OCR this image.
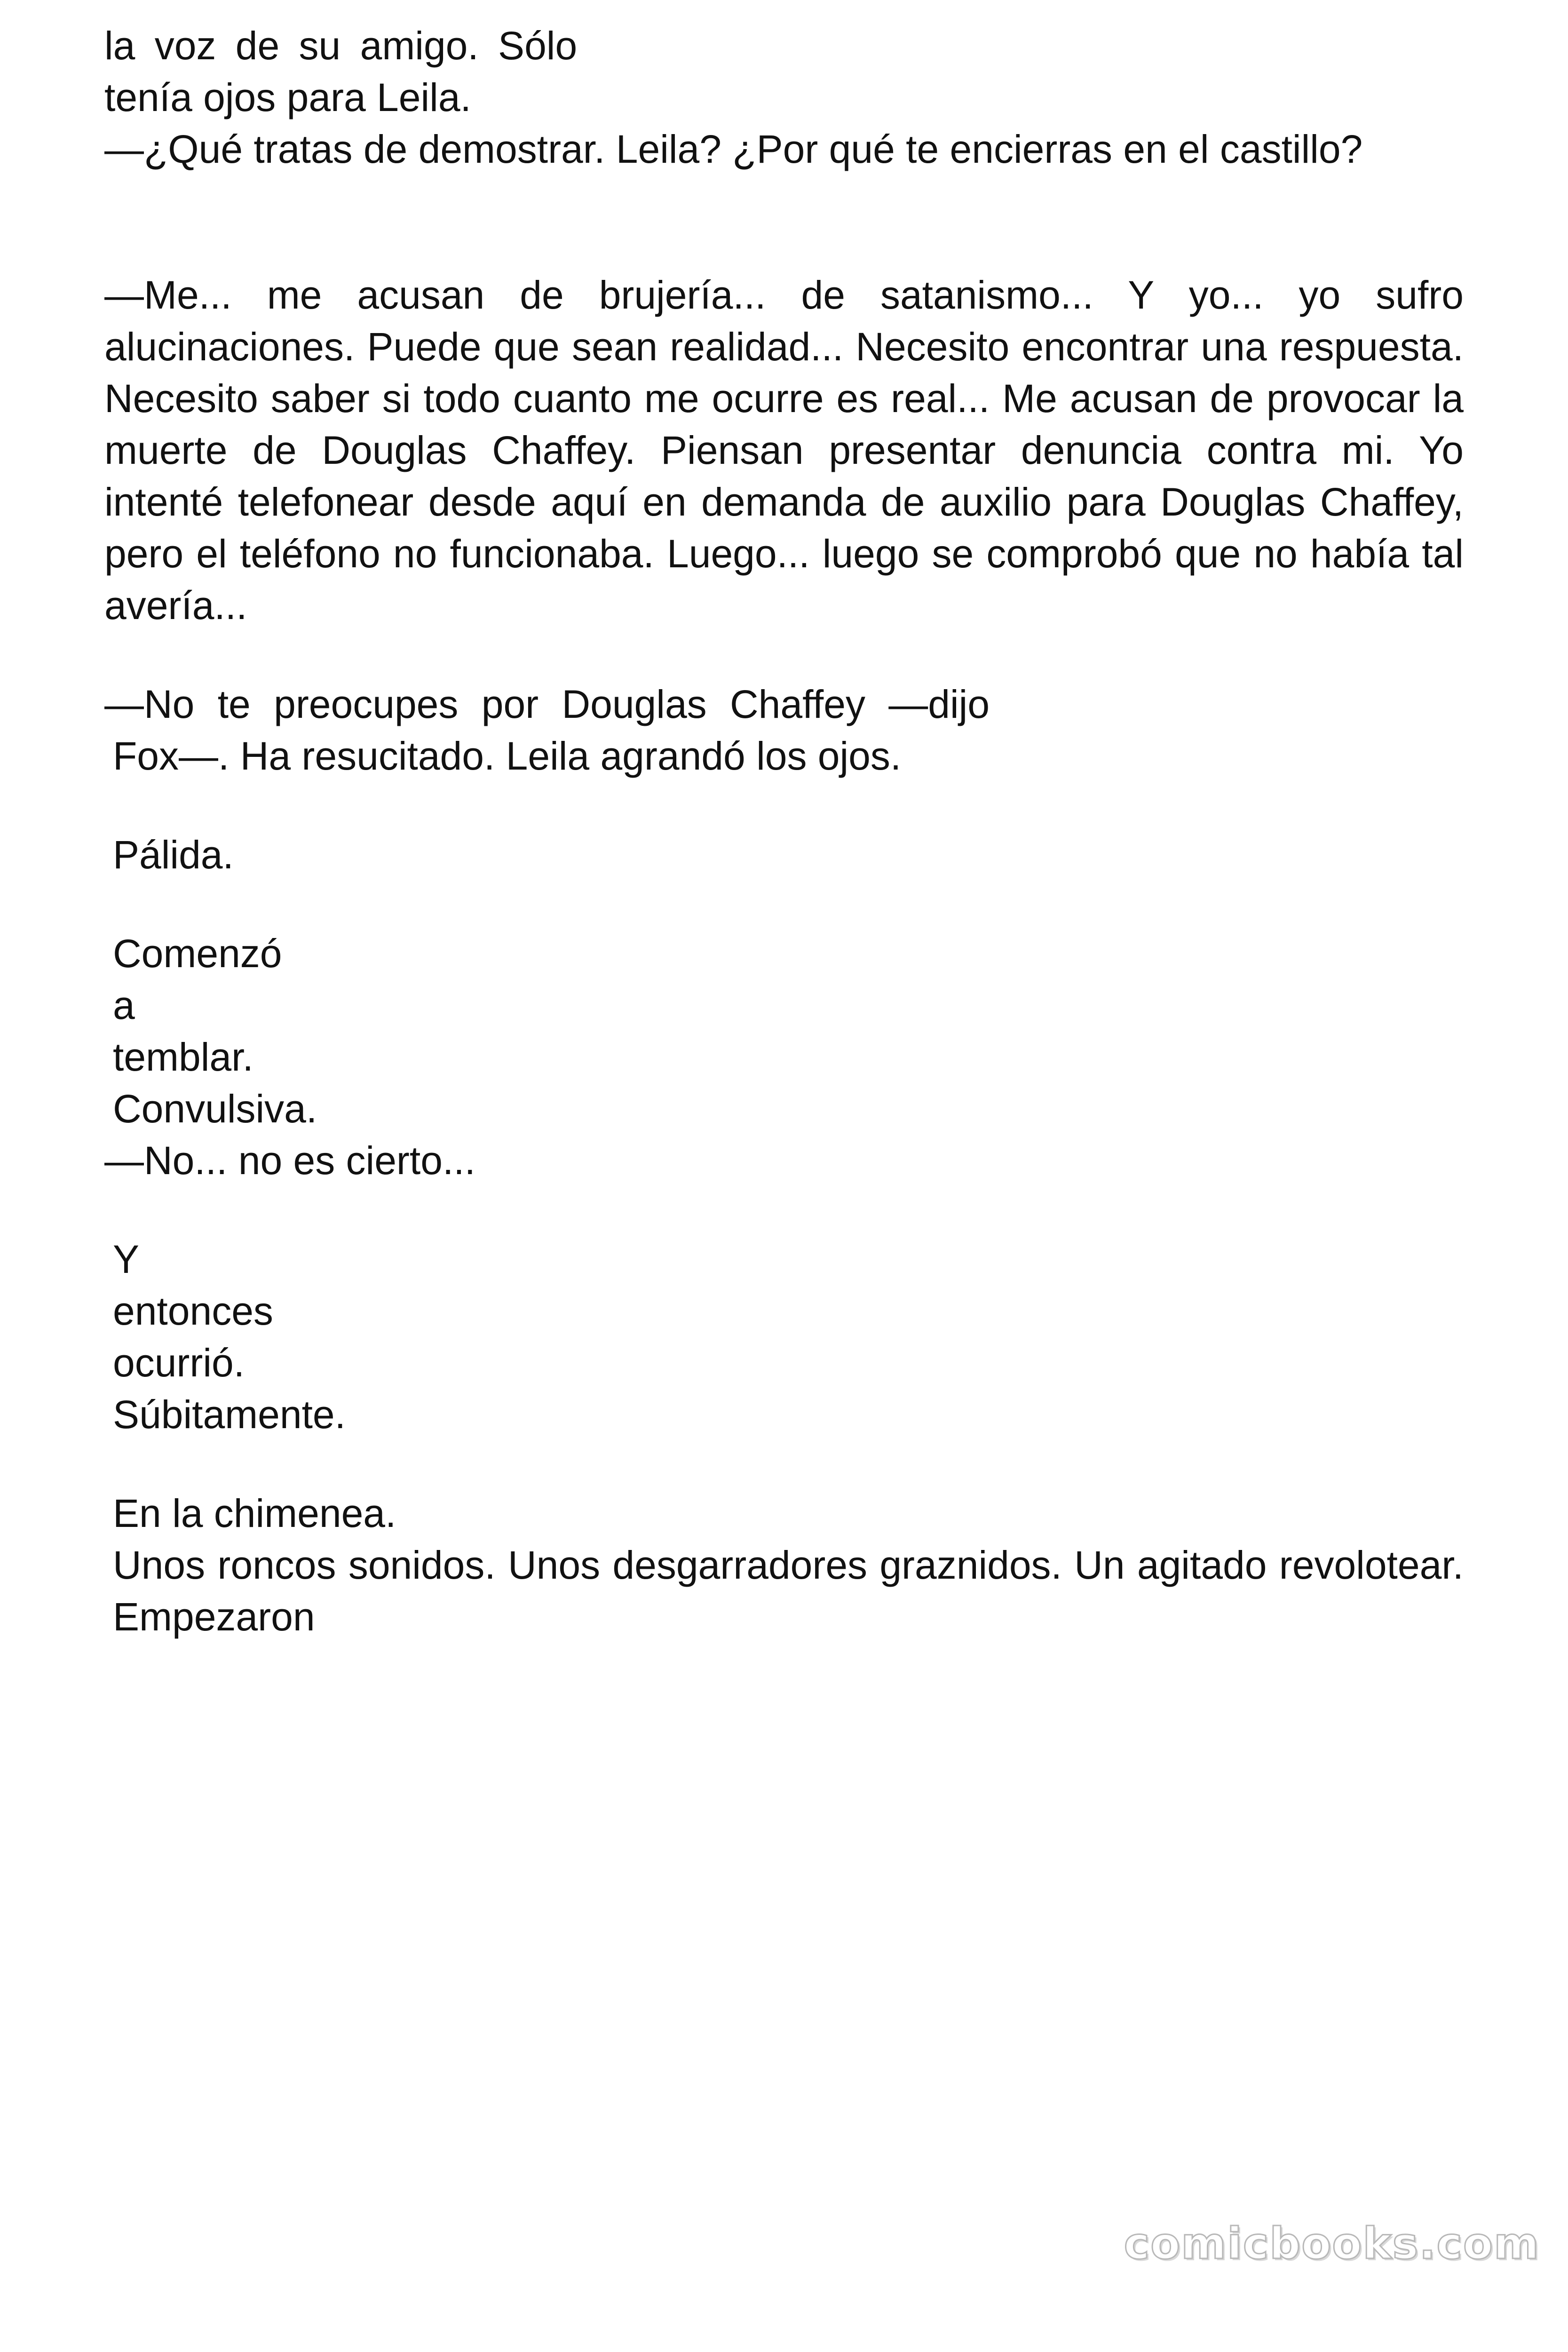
la voz de su amigo. Sólo

tenía ojos para Leila.

—¿Qué tratas de demostrar. Leila? ¿Por qué te encierras en el castillo?

—Me... me acusan de brujería... de satanismo... Y yo... yo sufro alucinaciones. Puede que sean realidad... Necesito encontrar una respuesta. Necesito saber si todo cuanto me ocurre es real... Me acusan de provocar la muerte de Douglas Chaffey. Piensan presentar denuncia contra mi. Yo intenté telefonear desde aquí en demanda de auxilio para Douglas Chaffey, pero el teléfono no funcionaba. Luego... luego se comprobó que no había tal avería...

—No te preocupes por Douglas Chaffey —dijo

Fox—. Ha resucitado. Leila agrandó los ojos.

Pálida.

Comenzó

a

temblar.

Convulsiva.

—No... no es cierto...

Y

entonces

ocurrió.

Súbitamente.

En la chimenea.

Unos roncos sonidos. Unos desgarradores graznidos. Un agitado revolotear. Empezaron

comicbooks.com
